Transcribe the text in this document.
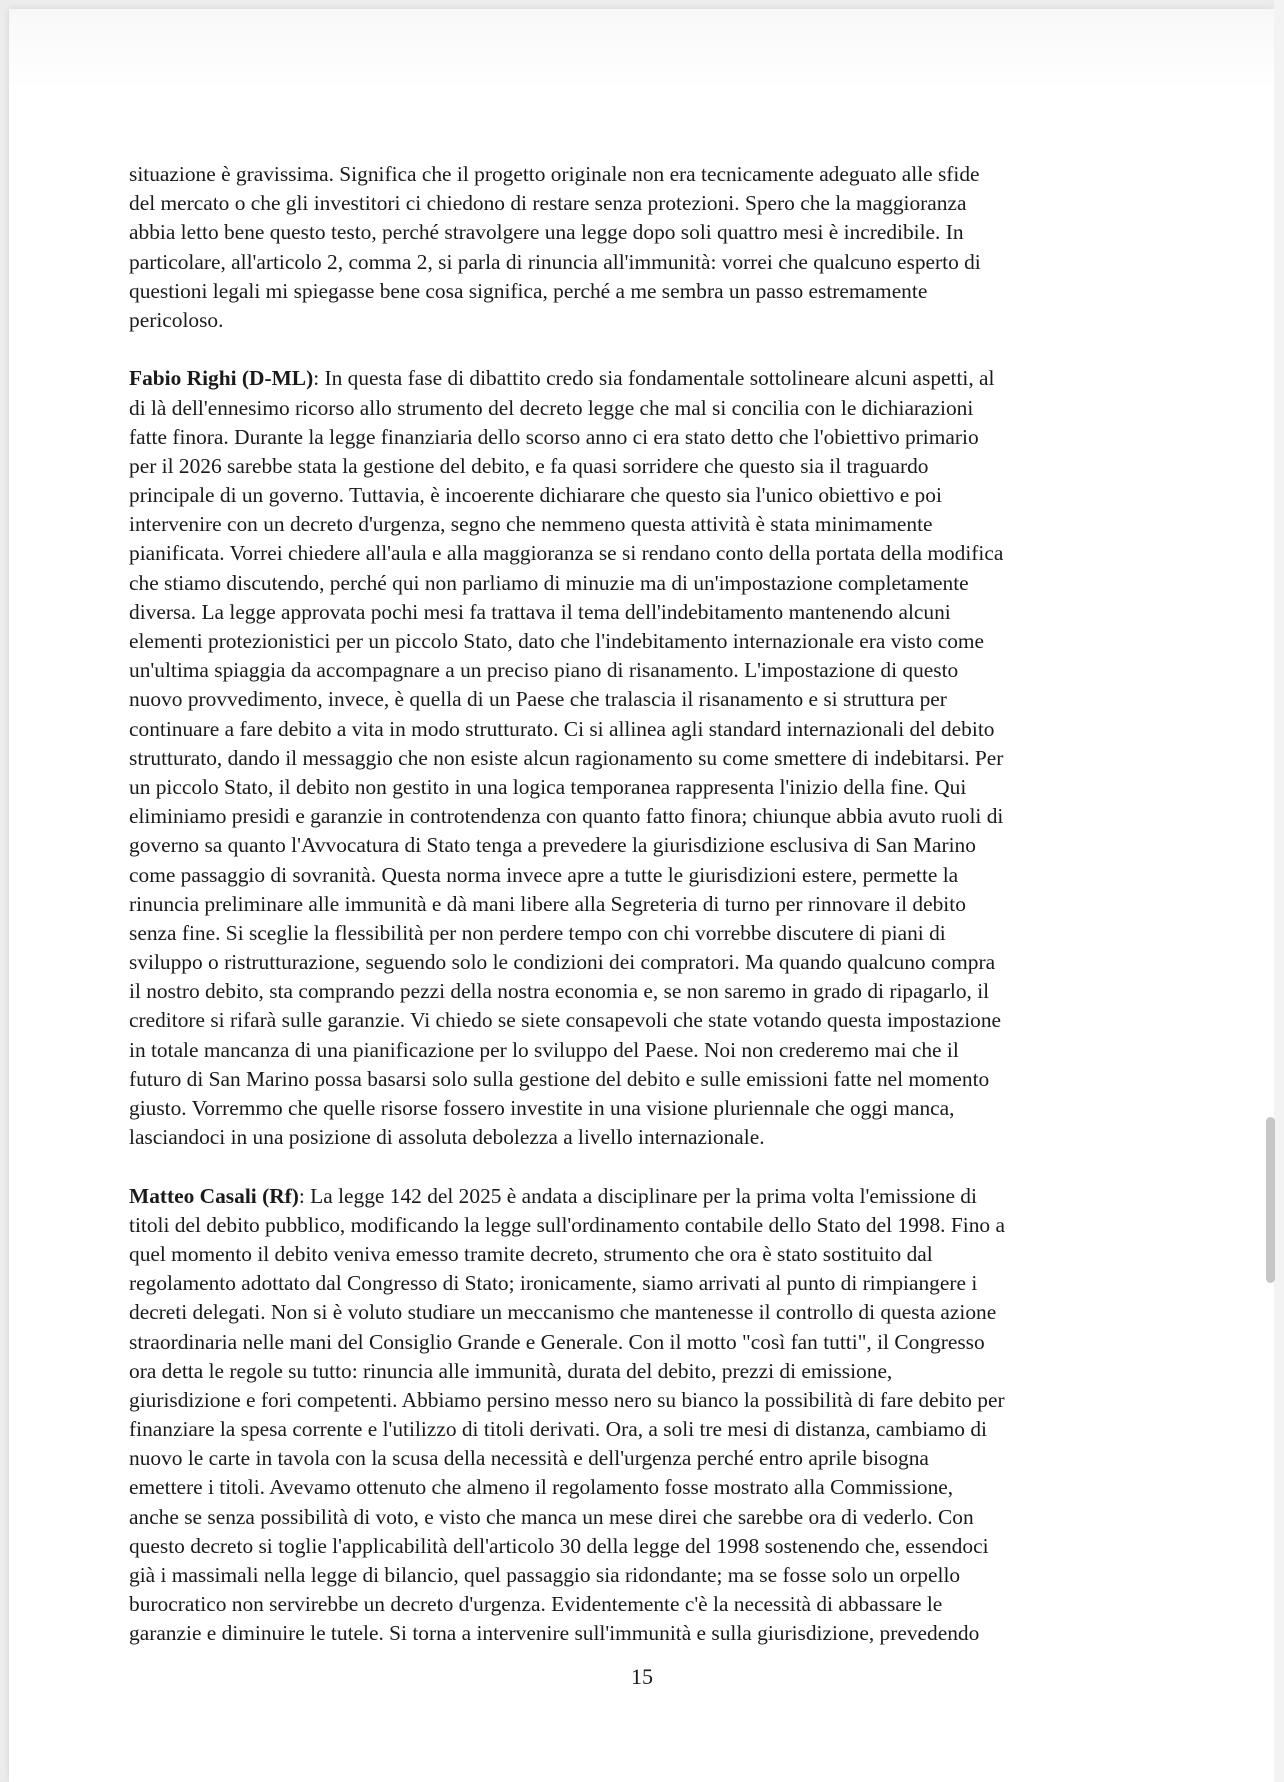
situazione è gravissima. Significa che il progetto originale non era tecnicamente adeguato alle sfide
del mercato o che gli investitori ci chiedono di restare senza protezioni. Spero che la maggioranza
abbia letto bene questo testo, perché stravolgere una legge dopo soli quattro mesi è incredibile. In
particolare, all'articolo 2, comma 2, si parla di rinuncia all'immunità: vorrei che qualcuno esperto di
questioni legali mi spiegasse bene cosa significa, perché a me sembra un passo estremamente
pericoloso.
Fabio Righi (D-ML): In questa fase di dibattito credo sia fondamentale sottolineare alcuni aspetti, al
di là dell'ennesimo ricorso allo strumento del decreto legge che mal si concilia con le dichiarazioni
fatte finora. Durante la legge finanziaria dello scorso anno ci era stato detto che l'obiettivo primario
per il 2026 sarebbe stata la gestione del debito, e fa quasi sorridere che questo sia il traguardo
principale di un governo. Tuttavia, è incoerente dichiarare che questo sia l'unico obiettivo e poi
intervenire con un decreto d'urgenza, segno che nemmeno questa attività è stata minimamente
pianificata. Vorrei chiedere all'aula e alla maggioranza se si rendano conto della portata della modifica
che stiamo discutendo, perché qui non parliamo di minuzie ma di un'impostazione completamente
diversa. La legge approvata pochi mesi fa trattava il tema dell'indebitamento mantenendo alcuni
elementi protezionistici per un piccolo Stato, dato che l'indebitamento internazionale era visto come
un'ultima spiaggia da accompagnare a un preciso piano di risanamento. L'impostazione di questo
nuovo provvedimento, invece, è quella di un Paese che tralascia il risanamento e si struttura per
continuare a fare debito a vita in modo strutturato. Ci si allinea agli standard internazionali del debito
strutturato, dando il messaggio che non esiste alcun ragionamento su come smettere di indebitarsi. Per
un piccolo Stato, il debito non gestito in una logica temporanea rappresenta l'inizio della fine. Qui
eliminiamo presidi e garanzie in controtendenza con quanto fatto finora; chiunque abbia avuto ruoli di
governo sa quanto l'Avvocatura di Stato tenga a prevedere la giurisdizione esclusiva di San Marino
come passaggio di sovranità. Questa norma invece apre a tutte le giurisdizioni estere, permette la
rinuncia preliminare alle immunità e dà mani libere alla Segreteria di turno per rinnovare il debito
senza fine. Si sceglie la flessibilità per non perdere tempo con chi vorrebbe discutere di piani di
sviluppo o ristrutturazione, seguendo solo le condizioni dei compratori. Ma quando qualcuno compra
il nostro debito, sta comprando pezzi della nostra economia e, se non saremo in grado di ripagarlo, il
creditore si rifarà sulle garanzie. Vi chiedo se siete consapevoli che state votando questa impostazione
in totale mancanza di una pianificazione per lo sviluppo del Paese. Noi non crederemo mai che il
futuro di San Marino possa basarsi solo sulla gestione del debito e sulle emissioni fatte nel momento
giusto. Vorremmo che quelle risorse fossero investite in una visione pluriennale che oggi manca,
lasciandoci in una posizione di assoluta debolezza a livello internazionale.
Matteo Casali (Rf): La legge 142 del 2025 è andata a disciplinare per la prima volta l'emissione di
titoli del debito pubblico, modificando la legge sull'ordinamento contabile dello Stato del 1998. Fino a
quel momento il debito veniva emesso tramite decreto, strumento che ora è stato sostituito dal
regolamento adottato dal Congresso di Stato; ironicamente, siamo arrivati al punto di rimpiangere i
decreti delegati. Non si è voluto studiare un meccanismo che mantenesse il controllo di questa azione
straordinaria nelle mani del Consiglio Grande e Generale. Con il motto "così fan tutti", il Congresso
ora detta le regole su tutto: rinuncia alle immunità, durata del debito, prezzi di emissione,
giurisdizione e fori competenti. Abbiamo persino messo nero su bianco la possibilità di fare debito per
finanziare la spesa corrente e l'utilizzo di titoli derivati. Ora, a soli tre mesi di distanza, cambiamo di
nuovo le carte in tavola con la scusa della necessità e dell'urgenza perché entro aprile bisogna
emettere i titoli. Avevamo ottenuto che almeno il regolamento fosse mostrato alla Commissione,
anche se senza possibilità di voto, e visto che manca un mese direi che sarebbe ora di vederlo. Con
questo decreto si toglie l'applicabilità dell'articolo 30 della legge del 1998 sostenendo che, essendoci
già i massimali nella legge di bilancio, quel passaggio sia ridondante; ma se fosse solo un orpello
burocratico non servirebbe un decreto d'urgenza. Evidentemente c'è la necessità di abbassare le
garanzie e diminuire le tutele. Si torna a intervenire sull'immunità e sulla giurisdizione, prevedendo
15
